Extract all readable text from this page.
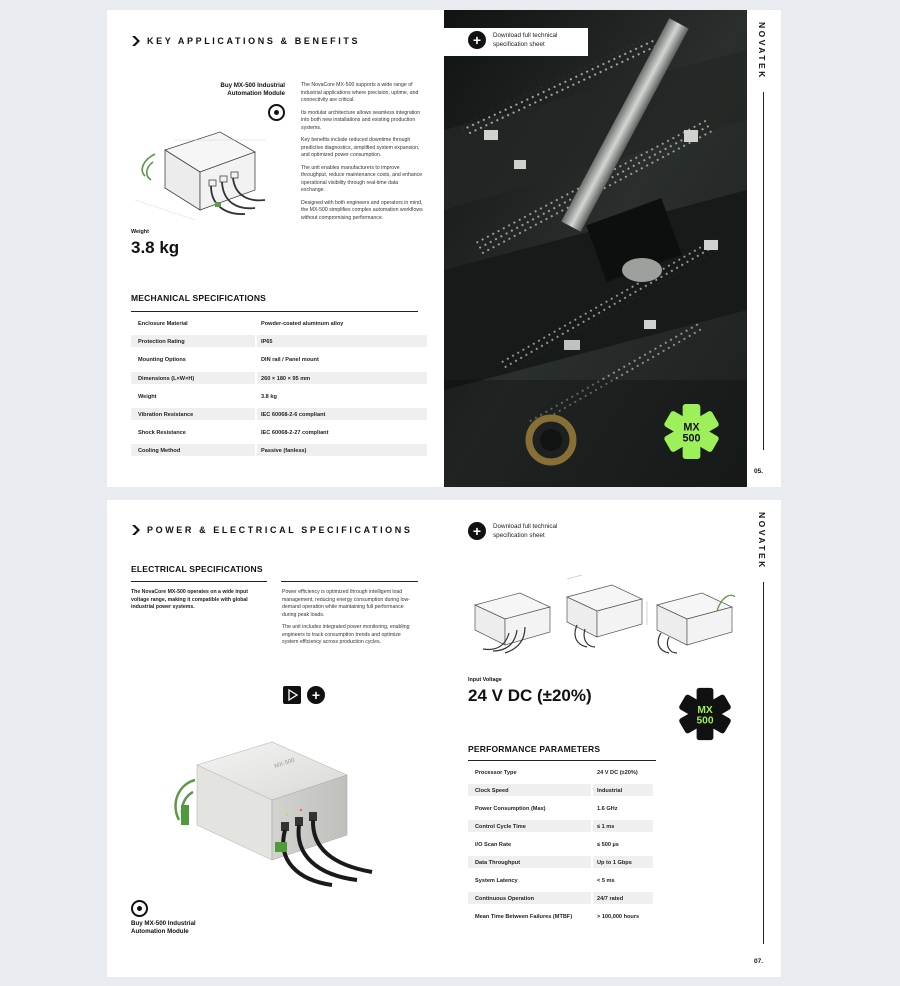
KEY APPLICATIONS & BENEFITS
Buy MX-500 Industrial Automation Module

The NovaCore MX-500 supports a wide range of industrial applications where precision, uptime, and connectivity are critical.

Its modular architecture allows seamless integration into both new installations and existing production systems.

Key benefits include reduced downtime through predictive diagnostics, simplified system expansion, and optimized power consumption.

The unit enables manufacturers to improve throughput, reduce maintenance costs, and enhance operational visibility through real-time data exchange.

Designed with both engineers and operators in mind, the MX-500 simplifies complex automation workflows without compromising performance.

Weight
3.8 kg
MECHANICAL SPECIFICATIONS
Enclosure Material	Powder-coated aluminum alloy
Protection Rating	IP65
Mounting Options	DIN rail / Panel mount
Dimensions (L×W×H)	260 × 180 × 95 mm
Weight	3.8 kg
Vibration Resistance	IEC 60068-2-6 compliant
Shock Resistance	IEC 60068-2-27 compliant
Cooling Method	Passive (fanless)
+	Download full technical specification sheet
MX
500
NOVATEK
05.
POWER & ELECTRICAL SPECIFICATIONS
ELECTRICAL SPECIFICATIONS
The NovaCore MX-500 operates on a wide input voltage range, making it compatible with global industrial power systems.

Power efficiency is optimized through intelligent load management, reducing energy consumption during low-demand operation while maintaining full performance during peak loads.

The unit includes integrated power monitoring, enabling engineers to track consumption trends and optimize system efficiency across production cycles.

+
MX-500
Buy MX-500 Industrial Automation Module
+	Download full technical specification sheet
Input Voltage
24 V DC (±20%)
MX
500
PERFORMANCE PARAMETERS
Processor Type	24 V DC (±20%)
Clock Speed	Industrial
Power Consumption (Max)	1.6 GHz
Control Cycle Time	≤ 1 ms
I/O Scan Rate	≤ 500 µs
Data Throughput	Up to 1 Gbps
System Latency	< 5 ms
Continuous Operation	24/7 rated
Mean Time Between Failures (MTBF)	> 100,000 hours
NOVATEK
07.
